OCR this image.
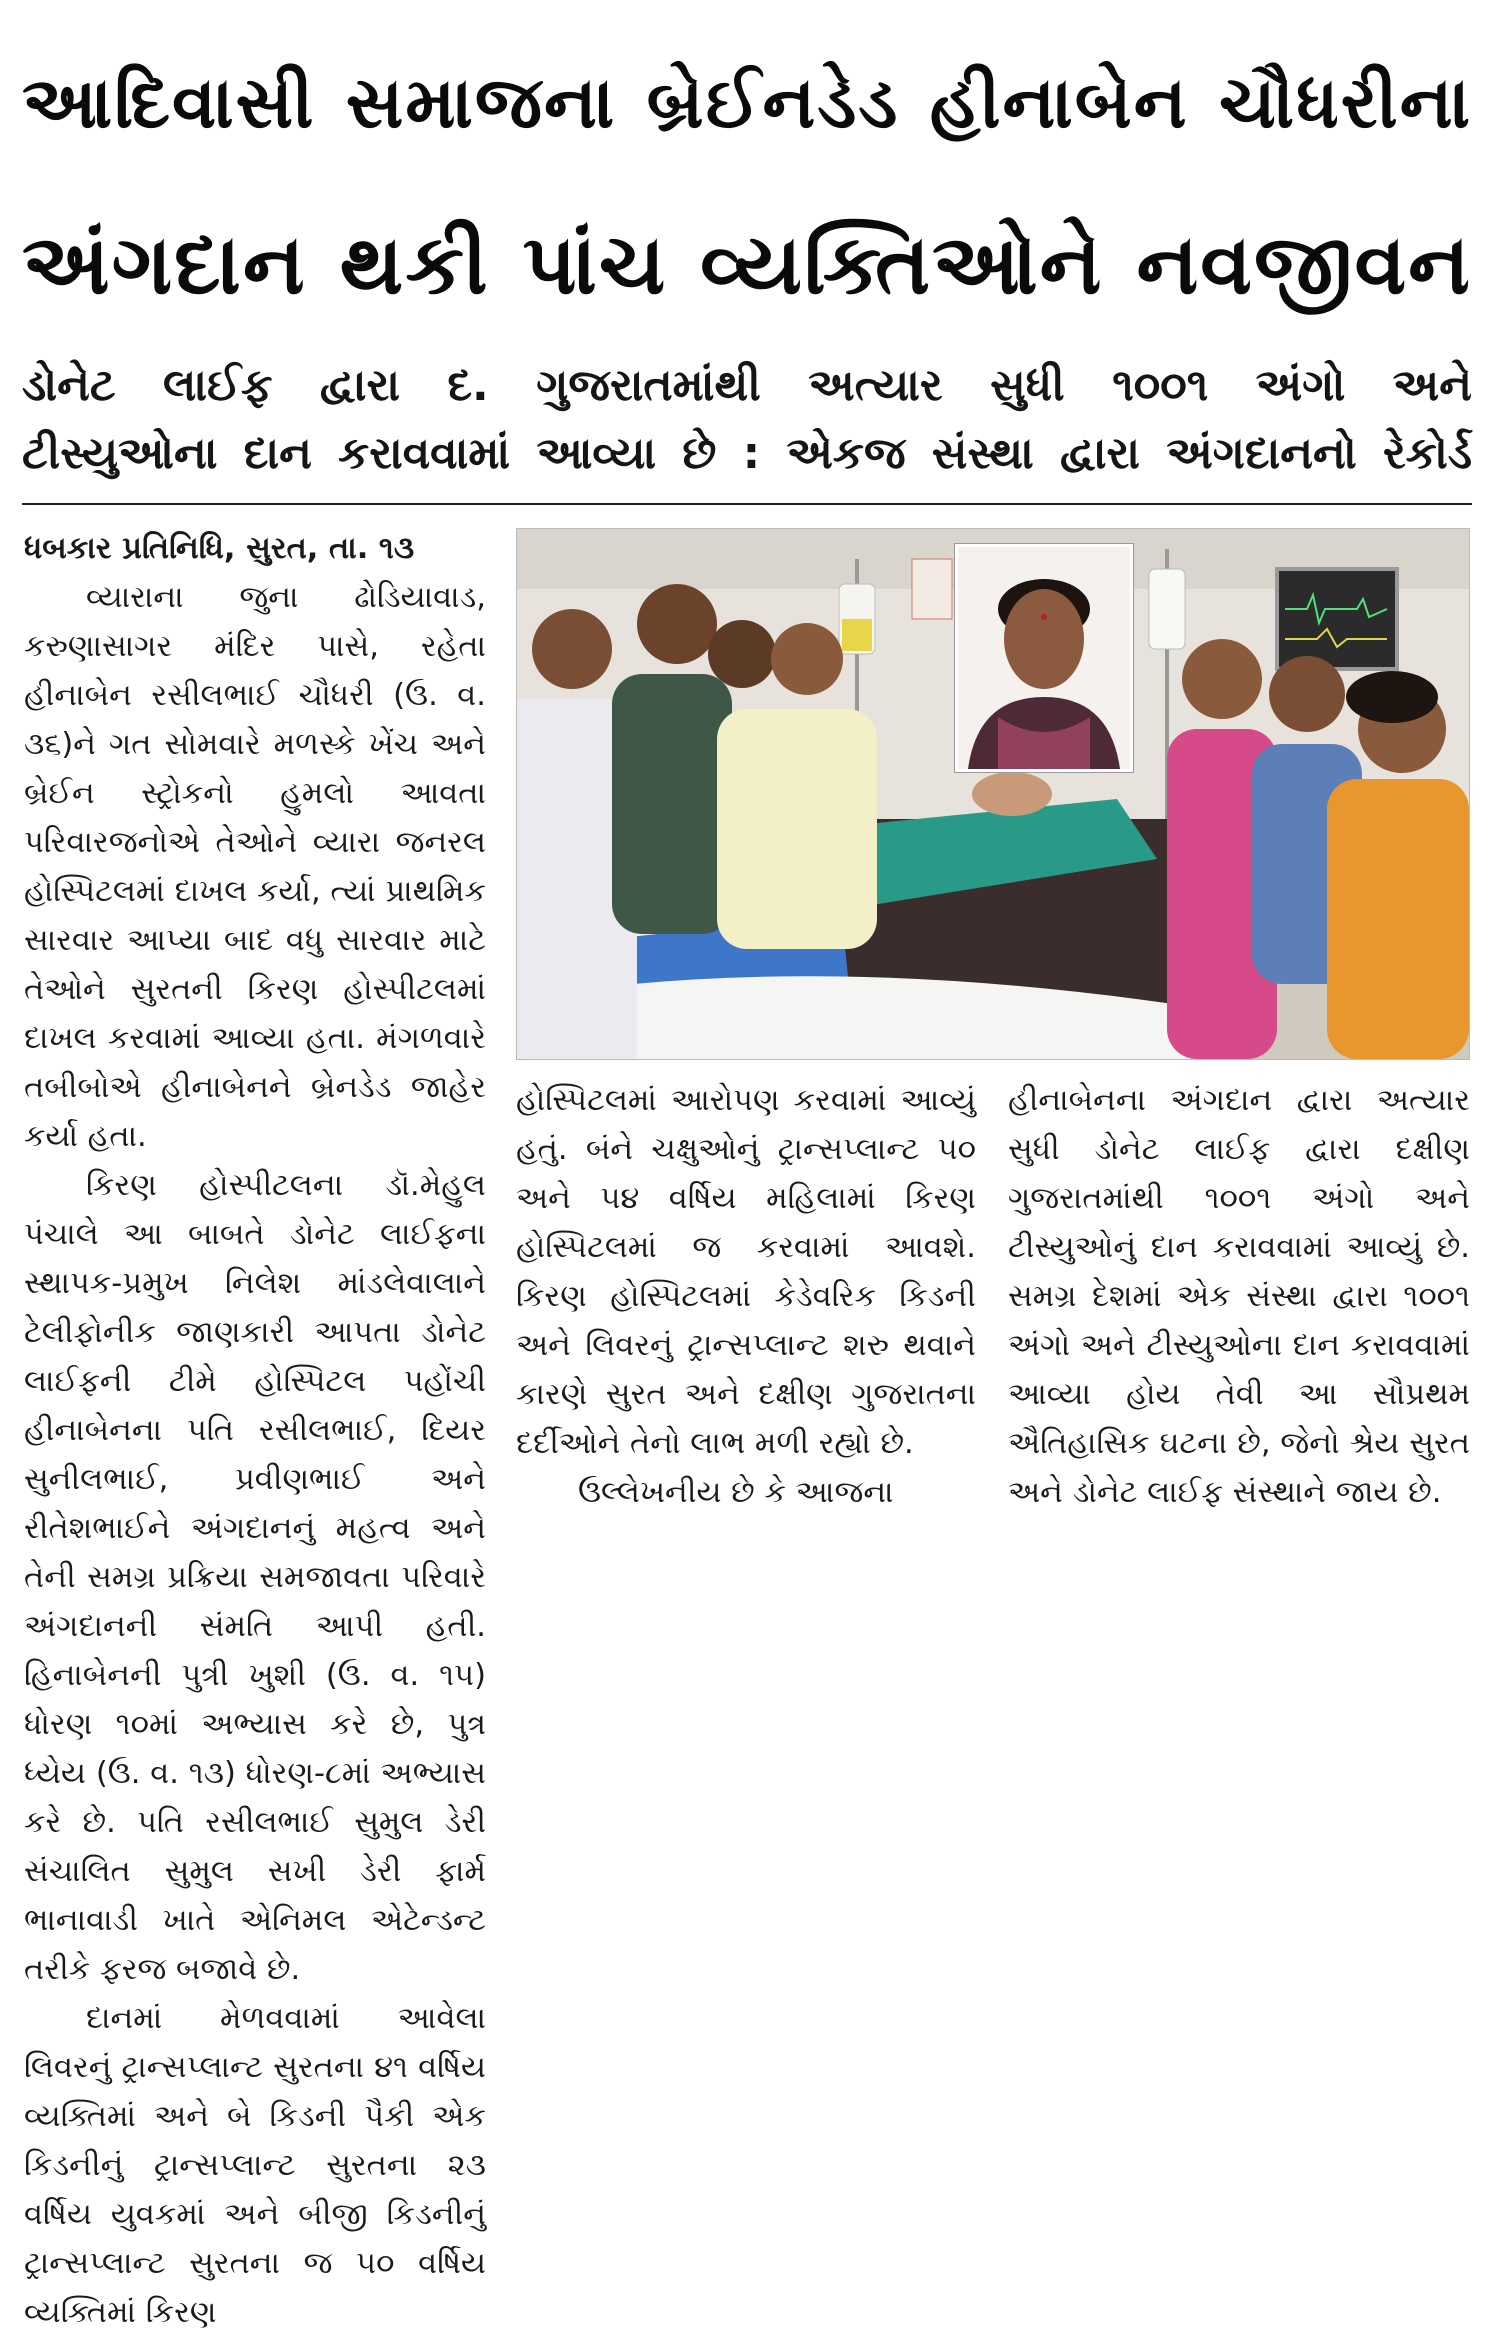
આદિવાસી સમાજના બ્રેઈનડેડ હીનાબેન ચૌધરીના
અંગદાન થકી પાંચ વ્યક્તિઓને નવજીવન
ડોનેટ લાઈફ દ્વારા દ. ગુજરાતમાંથી અત્યાર સુધી ૧૦૦૧ અંગો અને
ટીસ્યુઓના દાન કરાવવામાં આવ્યા છે : એકજ સંસ્થા દ્વારા અંગદાનનો રેકોર્ડ

ધબકાર પ્રતિનિધિ, સુરત, તા. ૧૩

વ્યારાના જુના ઢોડિયાવાડ, કરુણાસાગર મંદિર પાસે, રહેતા હીનાબેન રસીલભાઈ ચૌધરી (ઉ. વ. ૩૬)ને ગત સોમવારે મળસ્કે ખેંચ અને બ્રેઈન સ્ટ્રોકનો હુમલો આવતા પરિવારજનોએ તેઓને વ્યારા જનરલ હોસ્પિટલમાં દાખલ કર્યા, ત્યાં પ્રાથમિક સારવાર આપ્યા બાદ વધુ સારવાર માટે તેઓને સુરતની કિરણ હોસ્પીટલમાં દાખલ કરવામાં આવ્યા હતા. મંગળવારે તબીબોએ હીનાબેનને બ્રેનડેડ જાહેર કર્યા હતા.

કિરણ હોસ્પીટલના ડૉ.મેહુલ પંચાલે આ બાબતે ડોનેટ લાઈફના સ્થાપક-પ્રમુખ નિલેશ માંડલેવાલાને ટેલીફોનીક જાણકારી આપતા ડોનેટ લાઈફની ટીમે હોસ્પિટલ પહોંચી હીનાબેનના પતિ રસીલભાઈ, દિયર સુનીલભાઈ, પ્રવીણભાઈ અને રીતેશભાઈને અંગદાનનું મહત્વ અને તેની સમગ્ર પ્રક્રિયા સમજાવતા પરિવારે અંગદાનની સંમતિ આપી હતી. હિનાબેનની પુત્રી ખુશી (ઉ. વ. ૧૫) ધોરણ ૧૦માં અભ્યાસ કરે છે, પુત્ર ધ્યેય (ઉ. વ. ૧૩) ધોરણ-૮માં અભ્યાસ કરે છે. પતિ રસીલભાઈ સુમુલ ડેરી સંચાલિત સુમુલ સખી ડેરી ફાર્મ ભાનાવાડી ખાતે એનિમલ એટેન્ડન્ટ તરીકે ફરજ બજાવે છે.

દાનમાં મેળવવામાં આવેલા લિવરનું ટ્રાન્સપ્લાન્ટ સુરતના ૪૧ વર્ષિય વ્યક્તિમાં અને બે કિડની પૈકી એક કિડનીનું ટ્રાન્સપ્લાન્ટ સુરતના ૨૩ વર્ષિય યુવકમાં અને બીજી કિડનીનું ટ્રાન્સપ્લાન્ટ સુરતના જ ૫૦ વર્ષિય વ્યક્તિમાં કિરણ

હોસ્પિટલમાં આરોપણ કરવામાં આવ્યું હતું. બંને ચક્ષુઓનું ટ્રાન્સપ્લાન્ટ ૫૦ અને ૫૪ વર્ષિય મહિલામાં કિરણ હોસ્પિટલમાં જ કરવામાં આવશે. કિરણ હોસ્પિટલમાં કેડેવરિક કિડની અને લિવરનું ટ્રાન્સપ્લાન્ટ શરુ થવાને કારણે સુરત અને દક્ષીણ ગુજરાતના દર્દીઓને તેનો લાભ મળી રહ્યો છે.

ઉલ્લેખનીય છે કે આજના

હીનાબેનના અંગદાન દ્વારા અત્યાર સુધી ડોનેટ લાઈફ દ્વારા દક્ષીણ ગુજરાતમાંથી ૧૦૦૧ અંગો અને ટીસ્યુઓનું દાન કરાવવામાં આવ્યું છે. સમગ્ર દેશમાં એક સંસ્થા દ્વારા ૧૦૦૧ અંગો અને ટીસ્યુઓના દાન કરાવવામાં આવ્યા હોય તેવી આ સૌપ્રથમ ઐતિહાસિક ઘટના છે, જેનો શ્રેય સુરત અને ડોનેટ લાઈફ સંસ્થાને જાય છે.
